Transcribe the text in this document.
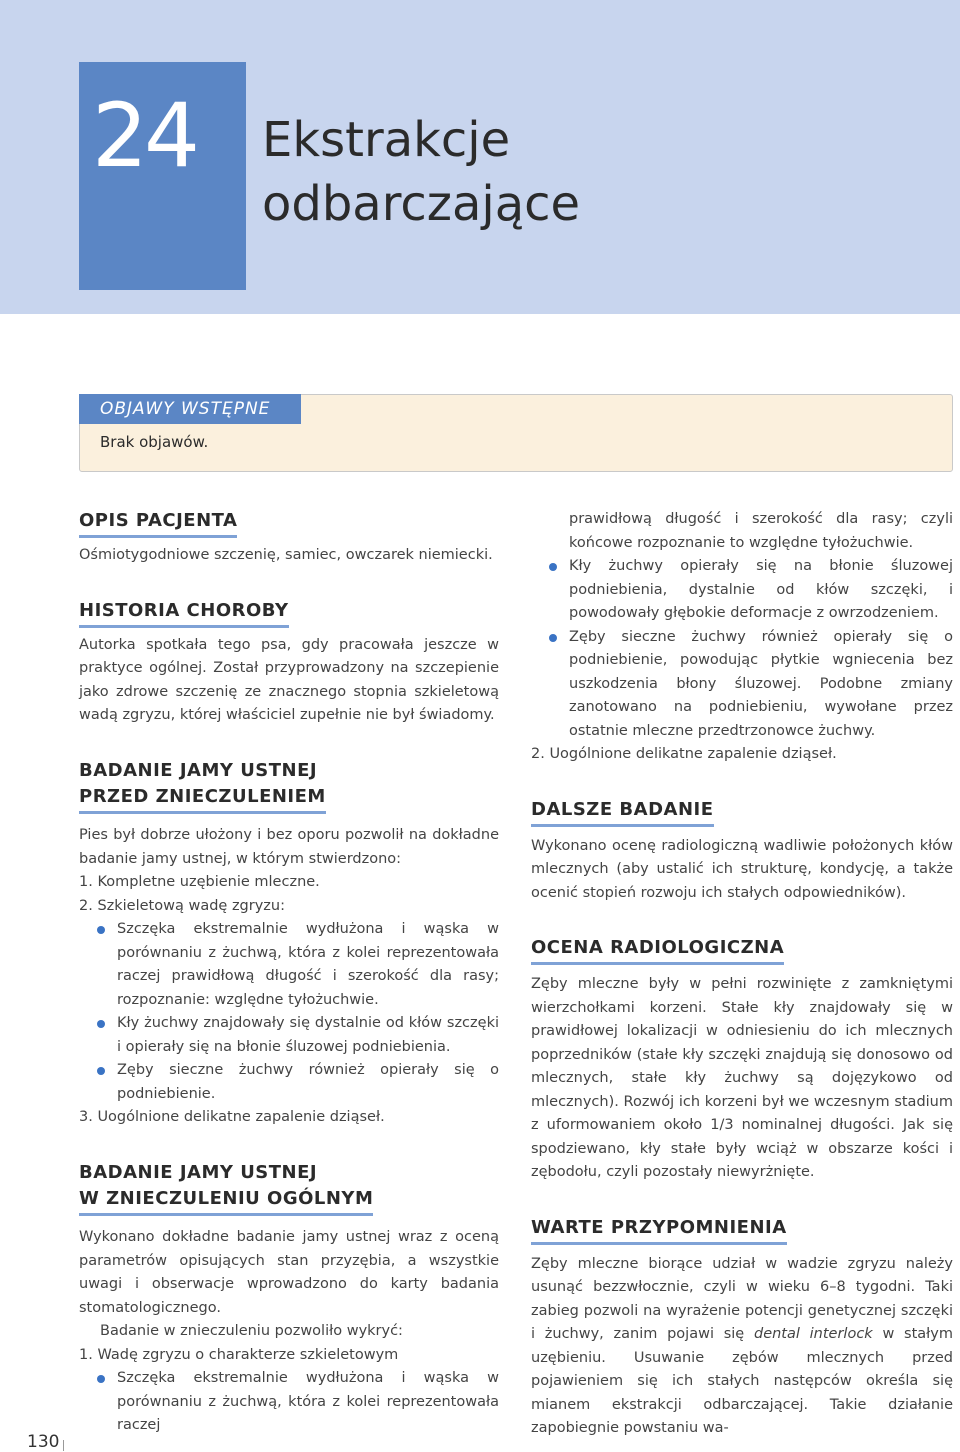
24 Ekstrakcje
odbarczające
OBJAWY WSTĘPNE
Brak objawów.
OPIS PACJENTA

Ośmiotygodniowe szczenię, samiec, owczarek niemiecki.

HISTORIA CHOROBY

Autorka spotkała tego psa, gdy pracowała jeszcze w praktyce ogólnej. Został przyprowadzony na szczepienie jako zdrowe szczenię ze znacznego stopnia szkieletową wadą zgryzu, której właściciel zupełnie nie był świadomy.

BADANIE JAMY USTNEJ
PRZED ZNIECZULENIEM

Pies był dobrze ułożony i bez oporu pozwolił na dokładne badanie jamy ustnej, w którym stwierdzono:

1. Kompletne uzębienie mleczne.

2. Szkieletową wadę zgryzu:

Szczęka ekstremalnie wydłużona i wąska w porównaniu z żuchwą, która z kolei reprezentowała raczej prawidłową długość i szerokość dla rasy; rozpoznanie: względne tyłożuchwie.
Kły żuchwy znajdowały się dystalnie od kłów szczęki i opierały się na błonie śluzowej podniebienia.
Zęby sieczne żuchwy również opierały się o podniebienie.

3. Uogólnione delikatne zapalenie dziąseł.

BADANIE JAMY USTNEJ
W ZNIECZULENIU OGÓLNYM

Wykonano dokładne badanie jamy ustnej wraz z oceną parametrów opisujących stan przyzębia, a wszystkie uwagi i obserwacje wprowadzono do karty badania stomatologicznego.

Badanie w znieczuleniu pozwoliło wykryć:

1. Wadę zgryzu o charakterze szkieletowym

Szczęka ekstremalnie wydłużona i wąska w porównaniu z żuchwą, która z kolei reprezentowała raczej

prawidłową długość i szerokość dla rasy; czyli końcowe rozpoznanie to względne tyłożuchwie.

Kły żuchwy opierały się na błonie śluzowej podniebienia, dystalnie od kłów szczęki, i powodowały głębokie deformacje z owrzodzeniem.
Zęby sieczne żuchwy również opierały się o podniebienie, powodując płytkie wgniecenia bez uszkodzenia błony śluzowej. Podobne zmiany zanotowano na podniebieniu, wywołane przez ostatnie mleczne przedtrzonowce żuchwy.

2. Uogólnione delikatne zapalenie dziąseł.

DALSZE BADANIE

Wykonano ocenę radiologiczną wadliwie położonych kłów mlecznych (aby ustalić ich strukturę, kondycję, a także ocenić stopień rozwoju ich stałych odpowiedników).

OCENA RADIOLOGICZNA

Zęby mleczne były w pełni rozwinięte z zamkniętymi wierzchołkami korzeni. Stałe kły znajdowały się w prawidłowej lokalizacji w odniesieniu do ich mlecznych poprzedników (stałe kły szczęki znajdują się donosowo od mlecznych, stałe kły żuchwy są dojęzykowo od mlecznych). Rozwój ich korzeni był we wczesnym stadium z uformowaniem około 1/3 nominalnej długości. Jak się spodziewano, kły stałe były wciąż w obszarze kości i zębodołu, czyli pozostały niewyrżnięte.

WARTE PRZYPOMNIENIA

Zęby mleczne biorące udział w wadzie zgryzu należy usunąć bezzwłocznie, czyli w wieku 6–8 tygodni. Taki zabieg pozwoli na wyrażenie potencji genetycznej szczęki i żuchwy, zanim pojawi się dental interlock w stałym uzębieniu. Usuwanie zębów mlecznych przed pojawieniem się ich stałych następców określa się mianem ekstrakcji odbarczającej. Takie działanie zapobiegnie powstaniu wa-

130
